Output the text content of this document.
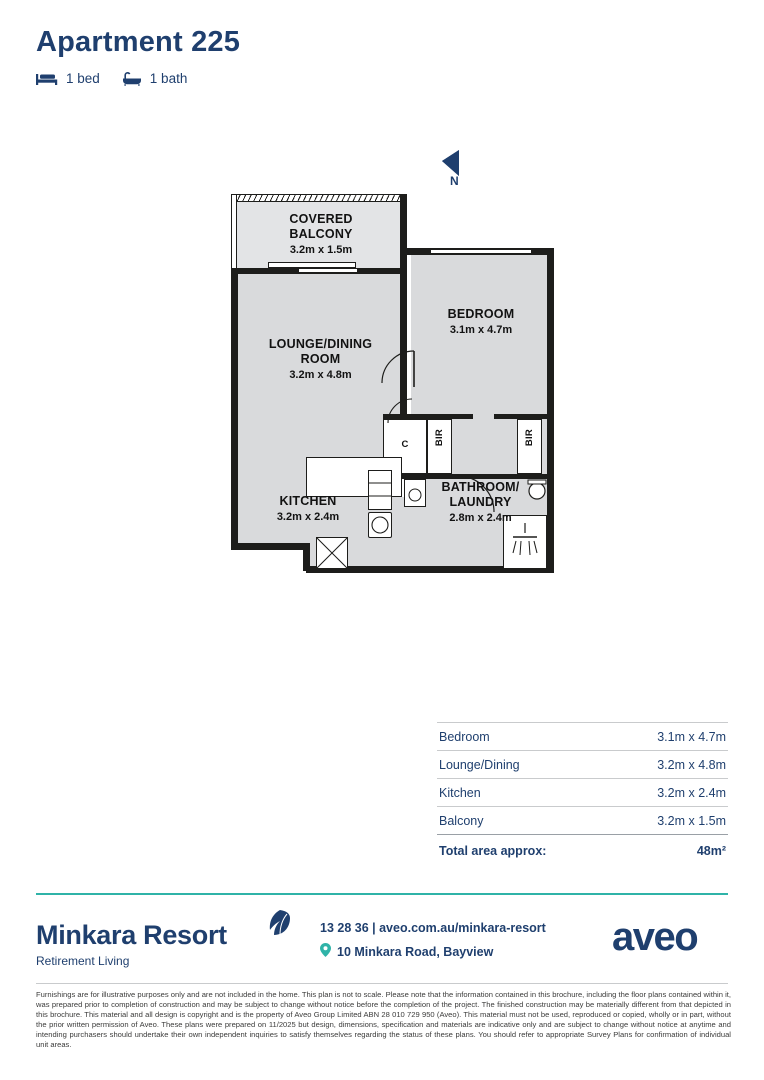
Apartment 225
1 bed	1 bath
N
C	BIR	BIR
COVERED
BALCONY
3.2m x 1.5m
BEDROOM
3.1m x 4.7m
LOUNGE/DINING
ROOM
3.2m x 4.8m
KITCHEN
3.2m x 2.4m
BATHROOM/
LAUNDRY
2.8m x 2.4m
Bedroom	3.1m x 4.7m
Lounge/Dining	3.2m x 4.8m
Kitchen	3.2m x 2.4m
Balcony	3.2m x 1.5m
Total area approx:	48m²
Minkara Resort
Retirement Living
13 28 36 | aveo.com.au/minkara-resort
10 Minkara Road, Bayview	aveo
Furnishings are for illustrative purposes only and are not included in the home. This plan is not to scale. Please note that the information contained in this brochure, including the floor plans contained within it, was prepared prior to completion of construction and may be subject to change without notice before the completion of the project. The finished construction may be materially different from that depicted in this brochure. This material and all design is copyright and is the property of Aveo Group Limited ABN 28 010 729 950 (Aveo). This material must not be used, reproduced or copied, wholly or in part, without the prior written permission of Aveo. These plans were prepared on 11/2025 but design, dimensions, specification and materials are indicative only and are subject to change without notice at anytime and intending purchasers should undertake their own independent inquiries to satisfy themselves regarding the status of these plans. You should refer to appropriate Survey Plans for confirmation of individual unit areas.
